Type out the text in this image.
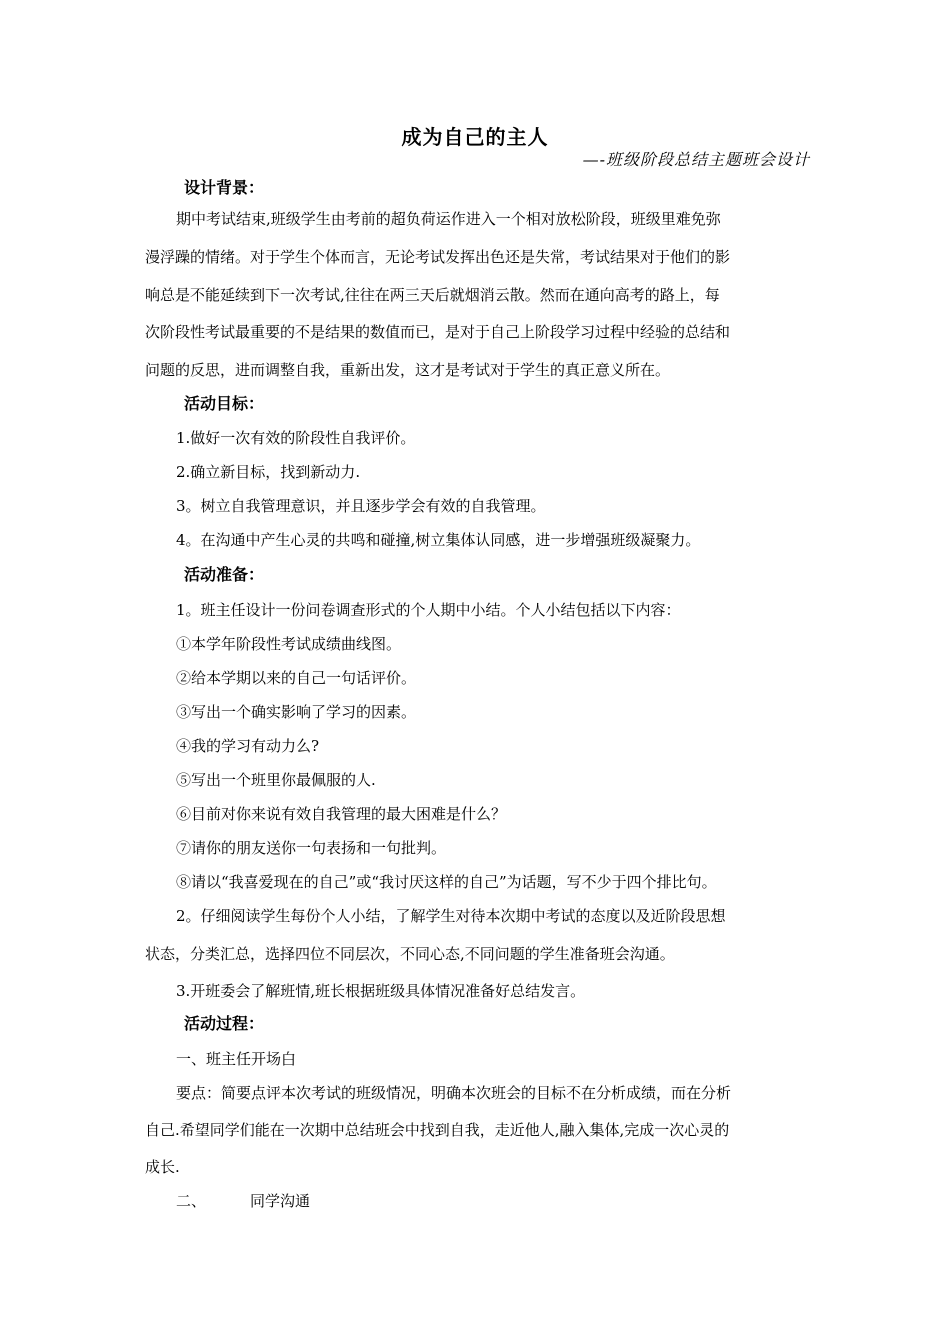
成为自己的主人
—-班级阶段总结主题班会设计
设计背景：
期中考试结束,班级学生由考前的超负荷运作进入一个相对放松阶段，班级里难免弥
漫浮躁的情绪。对于学生个体而言，无论考试发挥出色还是失常，考试结果对于他们的影
响总是不能延续到下一次考试,往往在两三天后就烟消云散。然而在通向高考的路上，每
次阶段性考试最重要的不是结果的数值而已，是对于自己上阶段学习过程中经验的总结和
问题的反思，进而调整自我，重新出发，这才是考试对于学生的真正意义所在。
活动目标：
1.做好一次有效的阶段性自我评价。
2.确立新目标，找到新动力.
3。树立自我管理意识，并且逐步学会有效的自我管理。
4。在沟通中产生心灵的共鸣和碰撞,树立集体认同感，进一步增强班级凝聚力。
活动准备：
1。班主任设计一份问卷调查形式的个人期中小结。个人小结包括以下内容：
①本学年阶段性考试成绩曲线图。
②给本学期以来的自己一句话评价。
③写出一个确实影响了学习的因素。
④我的学习有动力么?
⑤写出一个班里你最佩服的人.
⑥目前对你来说有效自我管理的最大困难是什么？
⑦请你的朋友送你一句表扬和一句批判。
⑧请以“我喜爱现在的自己”或“我讨厌这样的自己”为话题，写不少于四个排比句。
2。仔细阅读学生每份个人小结，了解学生对待本次期中考试的态度以及近阶段思想
状态，分类汇总，选择四位不同层次，不同心态,不同问题的学生准备班会沟通。
3.开班委会了解班情,班长根据班级具体情况准备好总结发言。
活动过程：
一、班主任开场白
要点：简要点评本次考试的班级情况，明确本次班会的目标不在分析成绩，而在分析
自己.希望同学们能在一次期中总结班会中找到自我，走近他人,融入集体,完成一次心灵的
成长.
二、	同学沟通
